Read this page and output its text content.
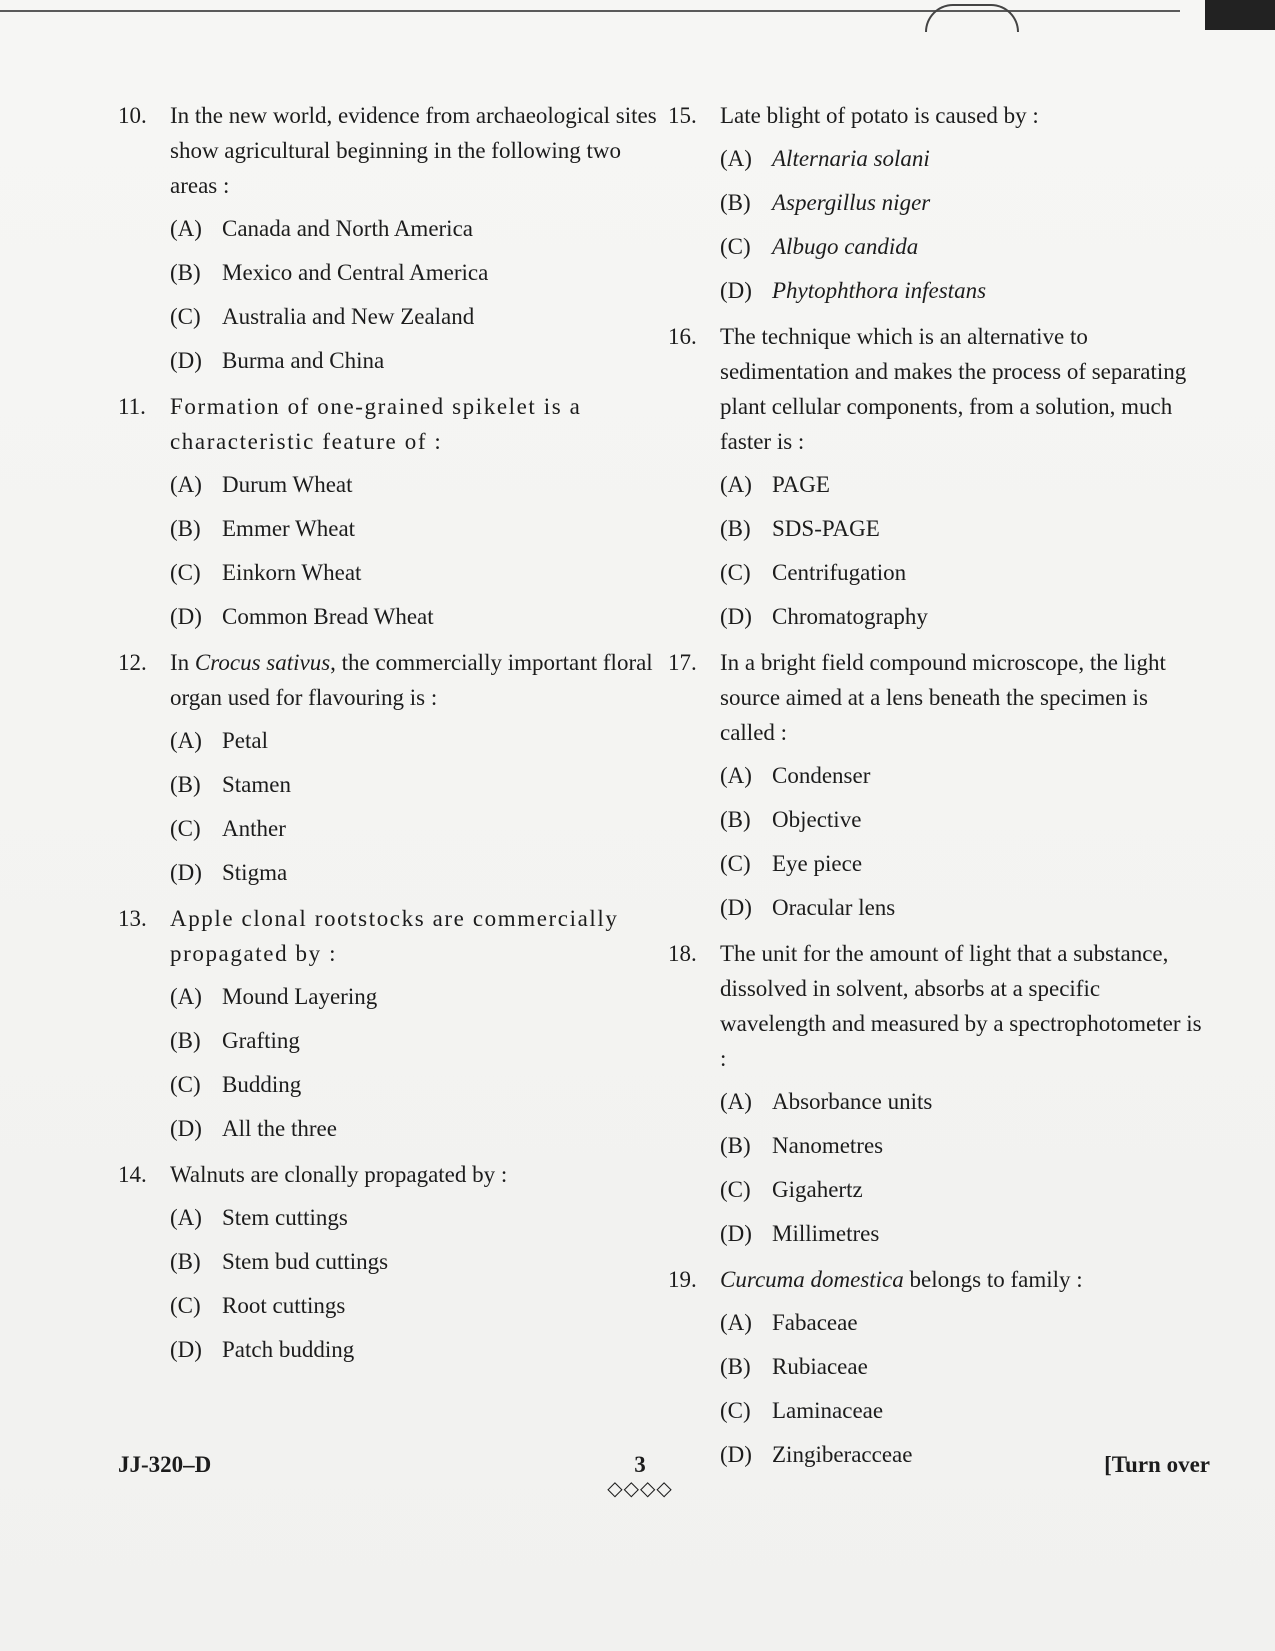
10.	In the new world, evidence from archaeological sites show agricultural beginning in the following two areas :
(A) Canada and North America
(B) Mexico and Central America
(C) Australia and New Zealand
(D) Burma and China
11.	Formation of one-grained spikelet is a characteristic feature of :
(A) Durum Wheat
(B) Emmer Wheat
(C) Einkorn Wheat
(D) Common Bread Wheat
12.	In Crocus sativus, the commercially important floral organ used for flavouring is :
(A) Petal
(B) Stamen
(C) Anther
(D) Stigma
13.	Apple clonal rootstocks are commercially propagated by :
(A) Mound Layering
(B) Grafting
(C) Budding
(D) All the three
14.	Walnuts are clonally propagated by :
(A) Stem cuttings
(B) Stem bud cuttings
(C) Root cuttings
(D) Patch budding
15.	Late blight of potato is caused by :
(A) Alternaria solani
(B) Aspergillus niger
(C) Albugo candida
(D) Phytophthora infestans
16.	The technique which is an alternative to sedimentation and makes the process of separating plant cellular components, from a solution, much faster is :
(A) PAGE
(B) SDS-PAGE
(C) Centrifugation
(D) Chromatography
17.	In a bright field compound microscope, the light source aimed at a lens beneath the specimen is called :
(A) Condenser
(B) Objective
(C) Eye piece
(D) Oracular lens
18.	The unit for the amount of light that a substance, dissolved in solvent, absorbs at a specific wavelength and measured by a spectrophotometer is :
(A) Absorbance units
(B) Nanometres
(C) Gigahertz
(D) Millimetres
19.	Curcuma domestica belongs to family :
(A) Fabaceae
(B) Rubiaceae
(C) Laminaceae
(D) Zingiberacceae
JJ-320–D	3
◇◇◇◇
[Turn over
